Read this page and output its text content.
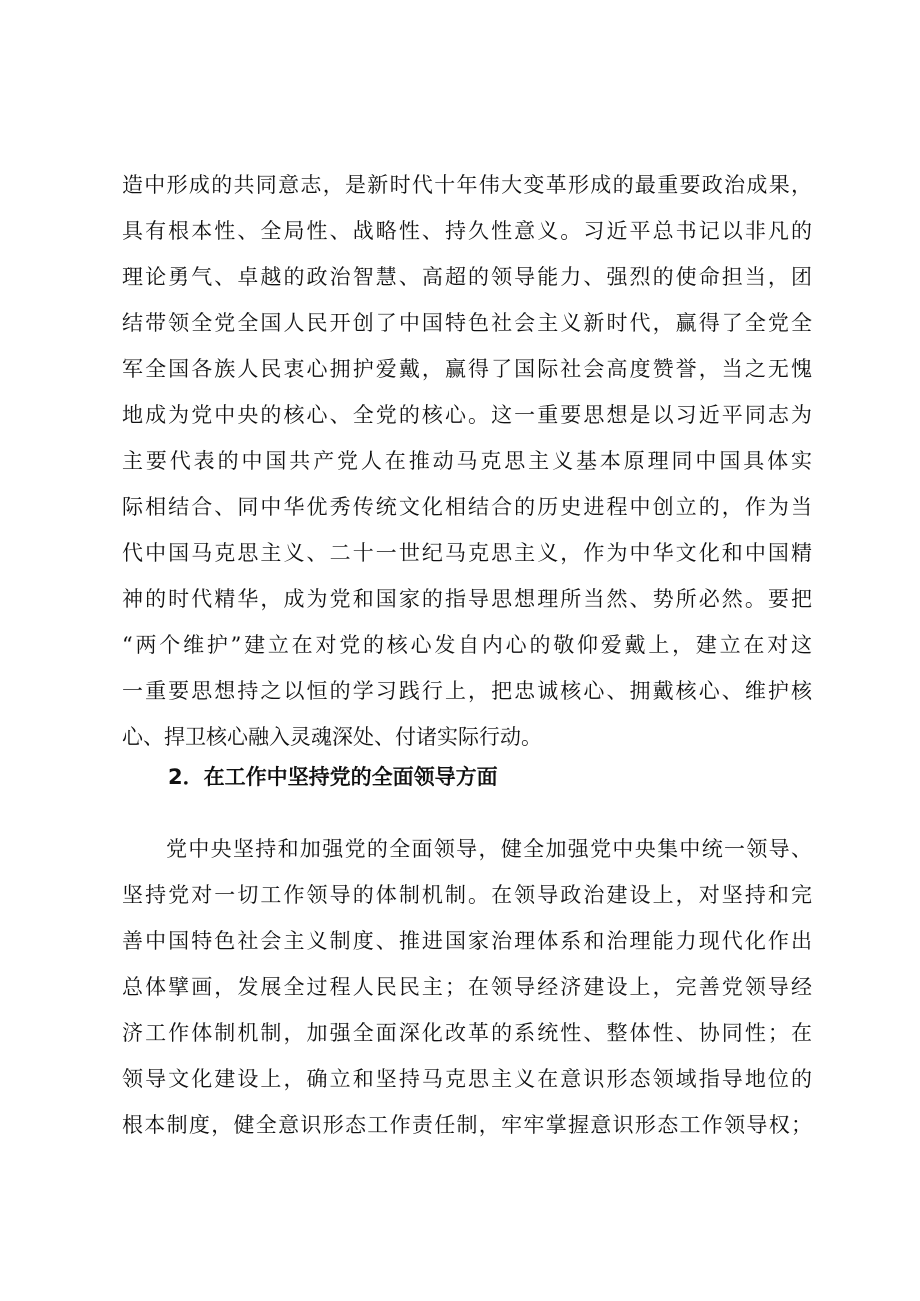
造中形成的共同意志，是新时代十年伟大变革形成的最重要政治成果，
具有根本性、全局性、战略性、持久性意义。习近平总书记以非凡的
理论勇气、卓越的政治智慧、高超的领导能力、强烈的使命担当，团
结带领全党全国人民开创了中国特色社会主义新时代，赢得了全党全
军全国各族人民衷心拥护爱戴，赢得了国际社会高度赞誉，当之无愧
地成为党中央的核心、全党的核心。这一重要思想是以习近平同志为
主要代表的中国共产党人在推动马克思主义基本原理同中国具体实
际相结合、同中华优秀传统文化相结合的历史进程中创立的，作为当
代中国马克思主义、二十一世纪马克思主义，作为中华文化和中国精
神的时代精华，成为党和国家的指导思想理所当然、势所必然。要把
“两个维护”建立在对党的核心发自内心的敬仰爱戴上，建立在对这
一重要思想持之以恒的学习践行上，把忠诚核心、拥戴核心、维护核
心、捍卫核心融入灵魂深处、付诸实际行动。
2．在工作中坚持党的全面领导方面
党中央坚持和加强党的全面领导，健全加强党中央集中统一领导、
坚持党对一切工作领导的体制机制。在领导政治建设上，对坚持和完
善中国特色社会主义制度、推进国家治理体系和治理能力现代化作出
总体擘画，发展全过程人民民主；在领导经济建设上，完善党领导经
济工作体制机制，加强全面深化改革的系统性、整体性、协同性；在
领导文化建设上，确立和坚持马克思主义在意识形态领域指导地位的
根本制度，健全意识形态工作责任制，牢牢掌握意识形态工作领导权；
